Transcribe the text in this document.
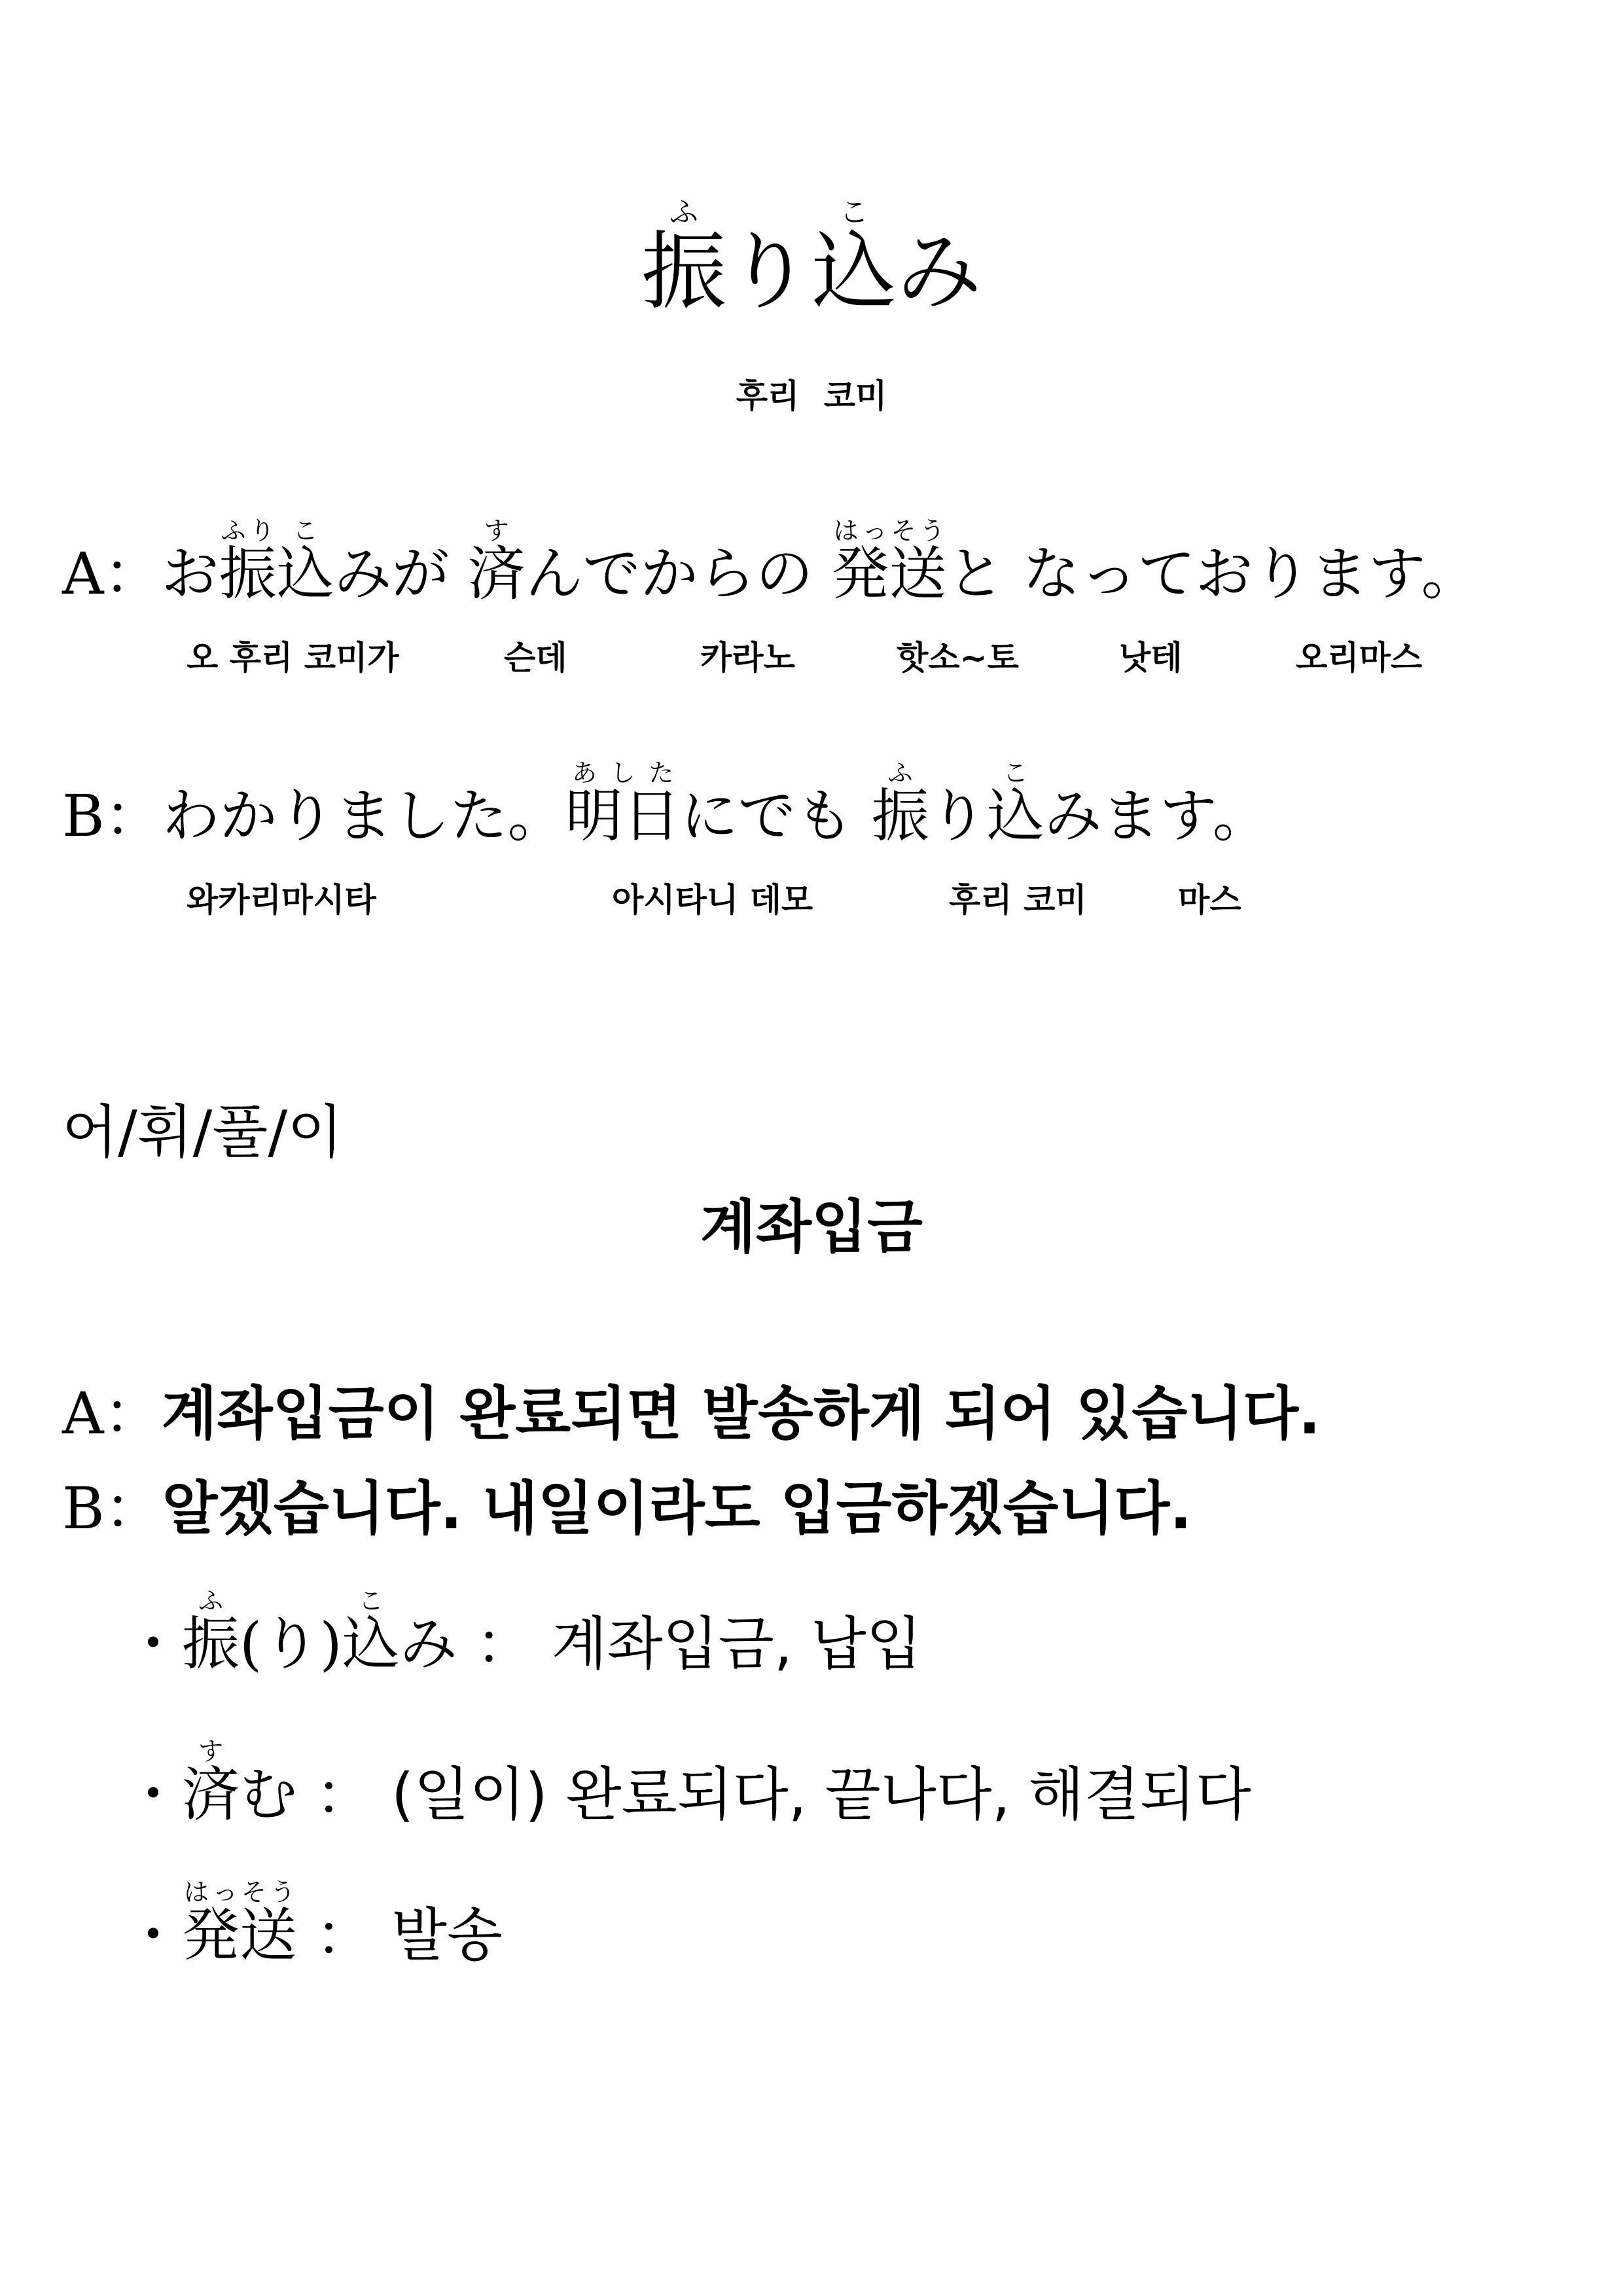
振ふり込こみ
후리 코미
A：お振ふり込こみが 済すんでからの 発送はっそうと なっております。
오 후리 코미가	슨데	카라노	핫소~토	낫테	오리마스
B：わかりました。明日あしたにでも 振ふり込こみます。
와카리마시타	아시타니 데모	후리 코미	마스
어/휘/풀/이
계좌입금
A：계좌입금이 완료되면 발송하게 되어 있습니다.
B：알겠습니다. 내일이라도 입금하겠습니다.
・振ふ(り)込こみ ： 계좌입금, 납입
・済すむ ： (일이) 완료되다, 끝나다, 해결되다
・発送はっそう ： 발송
